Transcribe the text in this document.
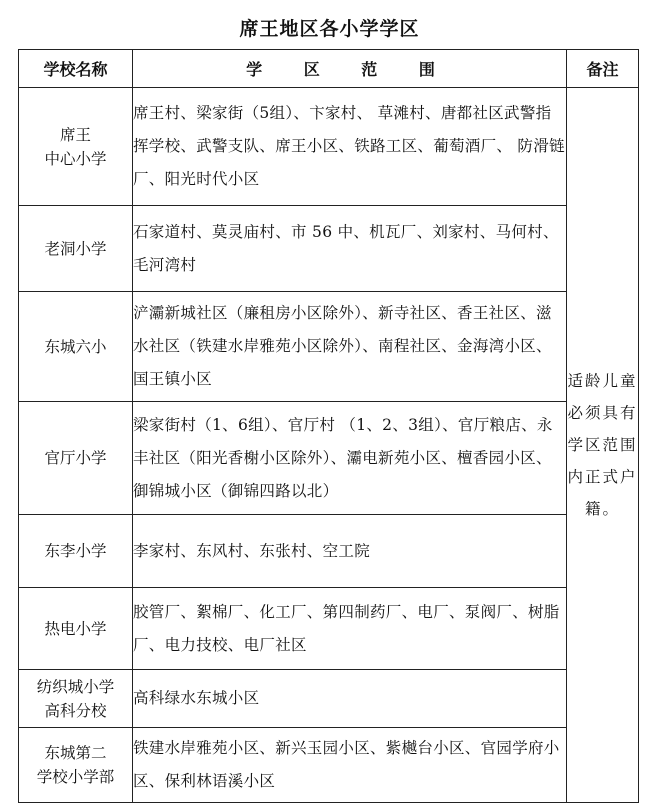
席王地区各小学学区
学校名称	学 区 范 围	备注
席王
中心小学	席王村、梁家街（5组）、卞家村、 草滩村、唐都社区武警指挥学校、武警支队、席王小区、铁路工区、葡萄酒厂、 防滑链厂、阳光时代小区	适龄儿童必须具有学区范围内正式户籍。
老洞小学	石家道村、莫灵庙村、市 56 中、机瓦厂、刘家村、马何村、毛河湾村	
东城六小	浐灞新城社区（廉租房小区除外）、新寺社区、香王社区、滋水社区（铁建水岸雅苑小区除外）、南程社区、金海湾小区、国王镇小区	
官厅小学	梁家街村（1、6组）、官厅村 （1、2、3组）、官厅粮店、永丰社区（阳光香榭小区除外）、灞电新苑小区、檀香园小区、御锦城小区（御锦四路以北）	
东李小学	李家村、东风村、东张村、空工院	
热电小学	胶管厂、絮棉厂、化工厂、第四制药厂、电厂、泵阀厂、树脂厂、电力技校、电厂社区	
纺织城小学
高科分校	高科绿水东城小区	
东城第二
学校小学部	铁建水岸雅苑小区、新兴玉园小区、紫樾台小区、官园学府小区、保利林语溪小区	
